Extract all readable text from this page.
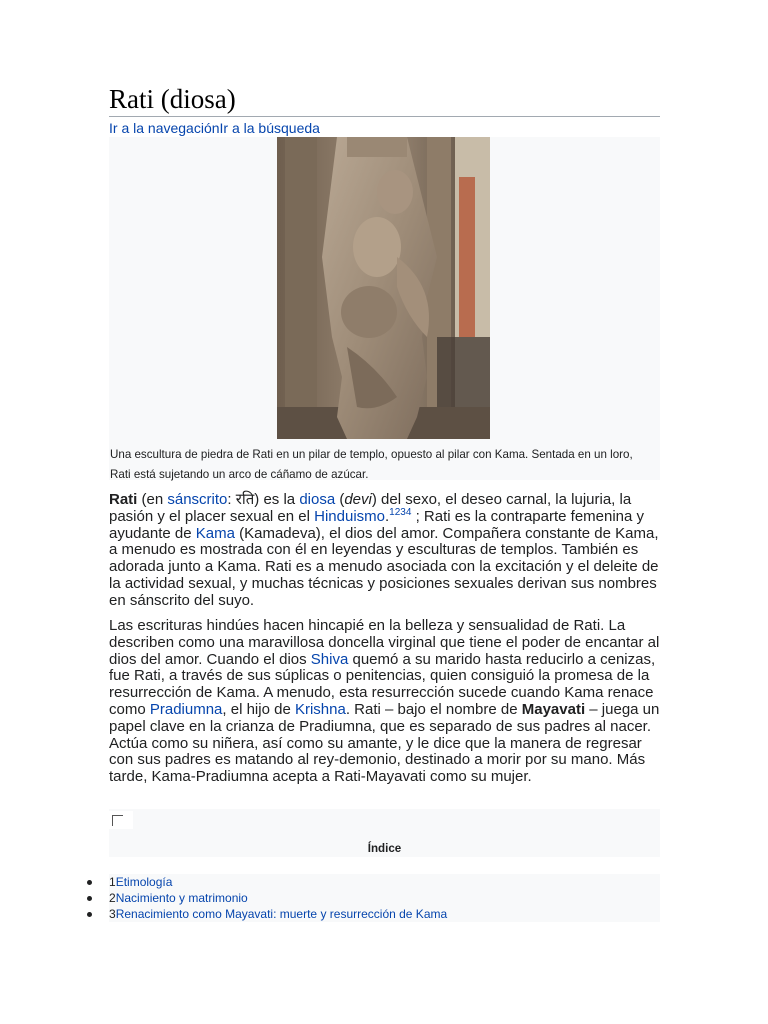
Rati (diosa)
Ir a la navegaciónIr a la búsqueda
Una escultura de piedra de Rati en un pilar de templo, opuesto al pilar con Kama. Sentada en un loro, Rati está sujetando un arco de cáñamo de azúcar.
Rati (en sánscrito: रति) es la diosa (devi) del sexo, el deseo carnal, la lujuria, la pasión y el placer sexual en el Hinduismo.$^{1234}$ ; Rati es la contraparte femenina y ayudante de Kama (Kamadeva), el dios del amor. Compañera constante de Kama, a menudo es mostrada con él en leyendas y esculturas de templos. También es adorada junto a Kama. Rati es a menudo asociada con la excitación y el deleite de la actividad sexual, y muchas técnicas y posiciones sexuales derivan sus nombres en sánscrito del suyo.
Las escrituras hindúes hacen hincapié en la belleza y sensualidad de Rati. La describen como una maravillosa doncella virginal que tiene el poder de encantar al dios del amor. Cuando el dios Shiva quemó a su marido hasta reducirlo a cenizas, fue Rati, a través de sus súplicas o penitencias, quien consiguió la promesa de la resurrección de Kama. A menudo, esta resurrección sucede cuando Kama renace como Pradiumna, el hijo de Krishna. Rati – bajo el nombre de Mayavati – juega un papel clave en la crianza de Pradiumna, que es separado de sus padres al nacer. Actúa como su niñera, así como su amante, y le dice que la manera de regresar con sus padres es matando al rey-demonio, destinado a morir por su mano. Más tarde, Kama-Pradiumna acepta a Rati-Mayavati como su mujer.
Índice
1Etimología
2Nacimiento y matrimonio
3Renacimiento como Mayavati: muerte y resurrección de Kama
